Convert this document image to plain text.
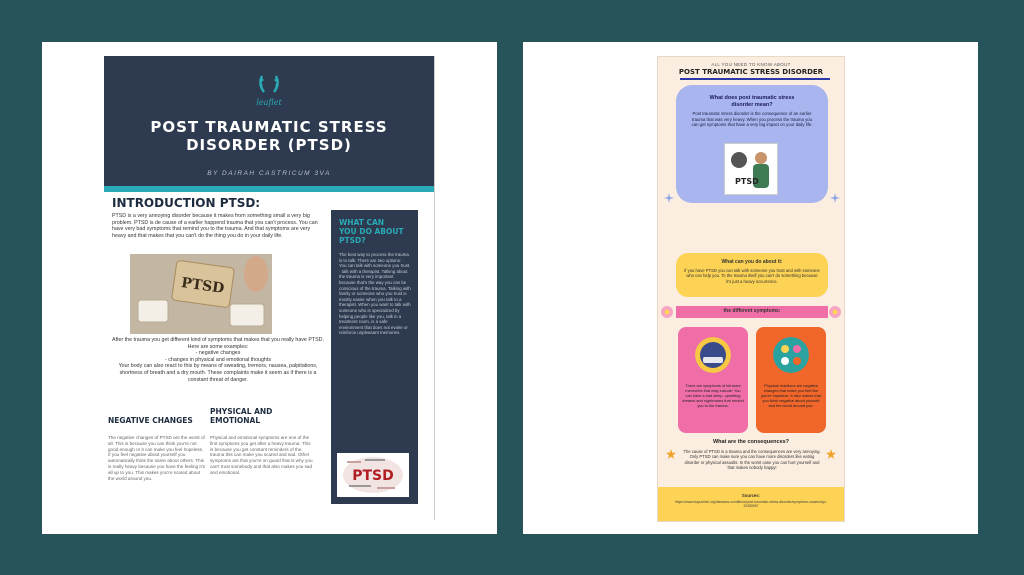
leaflet
POST TRAUMATIC STRESS
DISORDER (PTSD)
BY DAIRAH CASTRICUM 3VA
INTRODUCTION PTSD:
PTSD is a very annoying disorder because it makes from something small a very big problem. PTSD is de cause of a earlier happend trauma that you can't process. You can have very bad symptoms that remind you to the trauma. And that symptoms are very heavy and that makes that you can't do the thing you do in your daily life.
PTSD
After the trauma you get different kind of symptoms that makes that you really have PTSD.
Here are some examples:
- negative changes
- changes in physical and emotional thoughts
Your body can also react to this by means of sweating, tremors, nausea, palpitations, shortness of breath and a dry mouth. These complaints make it seem as if there is a constant threat of danger.
NEGATIVE CHANGES
PHYSICAL AND
EMOTIONAL
The negative changes of PTSD are the worst of all. This is because you can think you're not good enough or it can make you feel hopeless. If you feel negative about yourself you automatically think the same about others. This is really heavy because you have the feeling it's all up to you. This makes you're scared about the world around you.
Physical and emotional symptoms are one of the first symptoms you get after a heavy trauma. This is because you get constant reminders of the trauma this can make you scared and sad. Other symptoms are that you're on guard that is why you can't trust somebody and that also makes you sad and emotional.
WHAT CAN
YOU DO ABOUT
PTSD?
The best way to process the trauma is to talk. There are two options: · You can talk with someone you trust. · talk with a therapist. Talking about the trauma is very important because that's the way you can be conscious of the trauma. Talking with family or someone who you trust is mostly easier when you talk to a therapist. When you want to talk with someone who is specialized by helping people like you, talk in a treatment room, is a safe environment that does not evoke or reinforce unpleasant memories.
PTSD
ALL YOU NEED TO KNOW ABOUT
POST TRAUMATIC STRESS DISORDER
What does post traumatic stress
disorder mean?
Post traumatic stress disorder is the consequence of an earlier trauma that was very heavy. When you process the trauma you can get symptoms that have a very big impact on your daily life.
PTSD
What can you do about it:
If you have PTSD you can talk with someone you trust and with someone who can help you. To the trauma itself you can't do something because it's just a heavy occurrence.
the different symptoms:
There are symptoms of intrusive memories that may include: You can have a bad sleep, upsetting dreams and nightmares that remind you to the trauma.
Physical reactions are negative changes that make you feel like you're hopeless. It also makes that you think negative about yourself and the world around you.
What are the consequences?
The cause of PTSD is a trauma and the consequences are very annoying. Only PTSD can make sure you can have more disorders like eating disorder or physical assaults. In the worst case you can hurt yourself and that makes nobody happy!
Sources:
https://www.mayoclinic.org/diseases-conditions/post-traumatic-stress-disorder/symptoms-causes/syc-20355967
